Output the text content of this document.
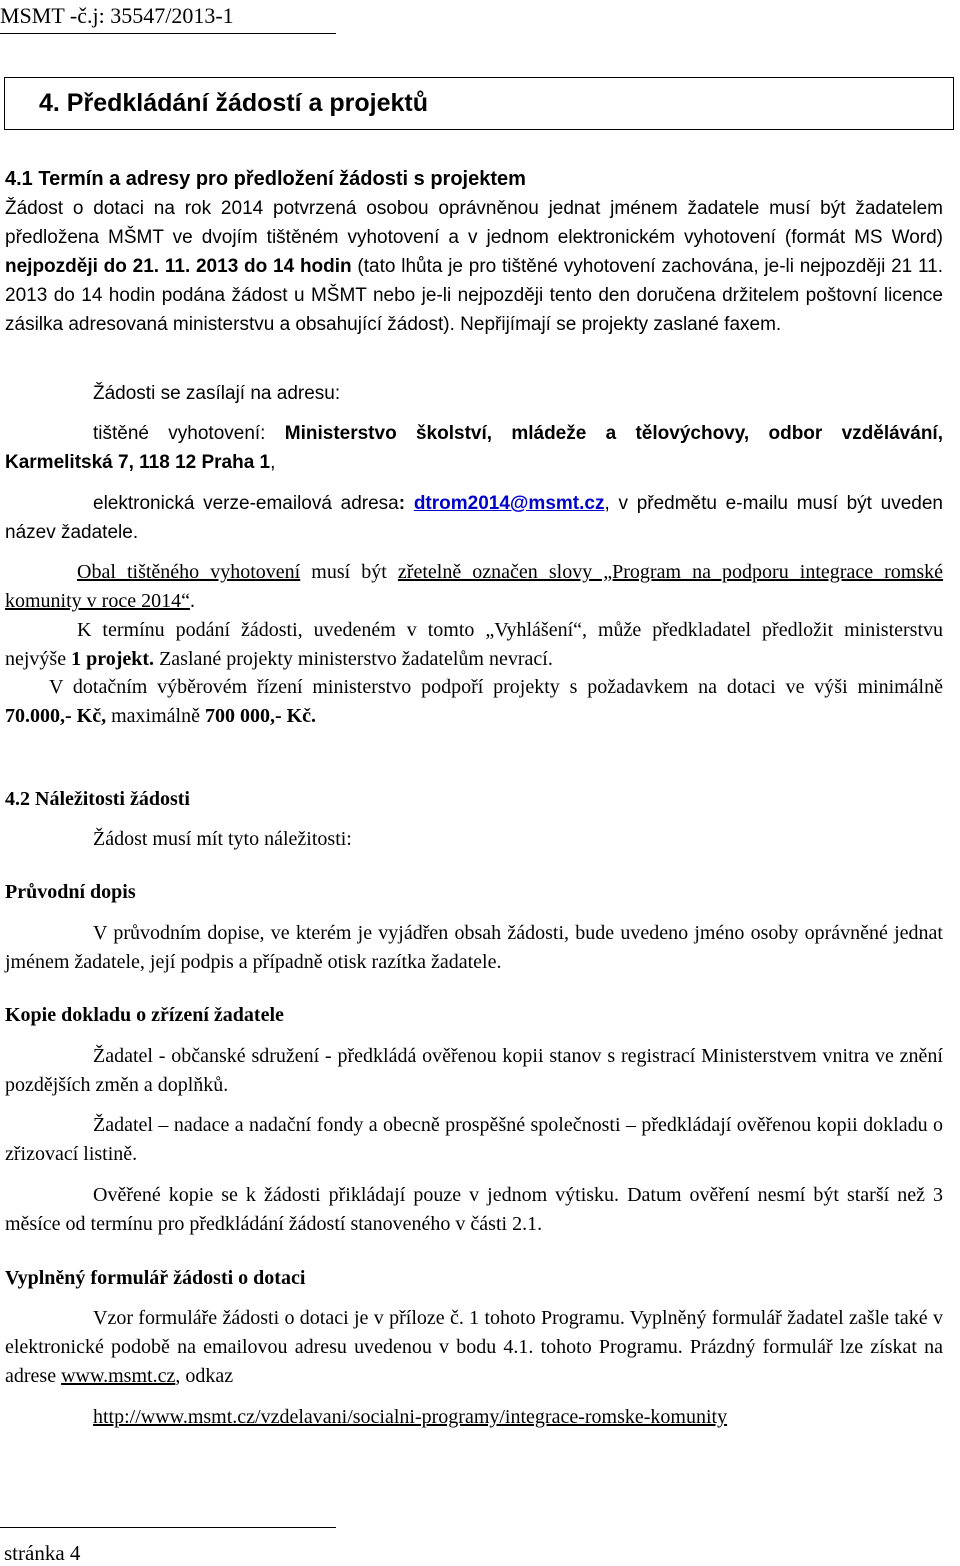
MSMT -č.j: 35547/2013-1
4. Předkládání žádostí a projektů
4.1 Termín a adresy pro předložení žádosti s projektem
Žádost o dotaci na rok 2014 potvrzená osobou oprávněnou jednat jménem žadatele musí být žadatelem předložena MŠMT ve dvojím tištěném vyhotovení a v jednom elektronickém vyhotovení (formát MS Word) nejpozději do 21. 11. 2013 do 14 hodin (tato lhůta je pro tištěné vyhotovení zachována, je-li nejpozději 21 11. 2013 do 14 hodin podána žádost u MŠMT nebo je-li nejpozději tento den doručena držitelem poštovní licence zásilka adresovaná ministerstvu a obsahující žádost). Nepřijímají se projekty zaslané faxem.
Žádosti se zasílají na adresu:
tištěné vyhotovení: Ministerstvo školství, mládeže a tělovýchovy, odbor vzdělávání, Karmelitská 7, 118 12 Praha 1,
elektronická verze-emailová adresa: dtrom2014@msmt.cz, v předmětu e-mailu musí být uveden název žadatele.
Obal tištěného vyhotovení musí být zřetelně označen slovy „Program na podporu integrace romské komunity v roce 2014“.
K termínu podání žádosti, uvedeném v tomto „Vyhlášení“, může předkladatel předložit ministerstvu nejvýše 1 projekt. Zaslané projekty ministerstvo žadatelům nevrací.
V dotačním výběrovém řízení ministerstvo podpoří projekty s požadavkem na dotaci ve výši minimálně 70.000,- Kč, maximálně 700 000,- Kč.
4.2 Náležitosti žádosti
Žádost musí mít tyto náležitosti:
Průvodní dopis
V průvodním dopise, ve kterém je vyjádřen obsah žádosti, bude uvedeno jméno osoby oprávněné jednat jménem žadatele, její podpis a případně otisk razítka žadatele.
Kopie dokladu o zřízení žadatele
Žadatel - občanské sdružení - předkládá ověřenou kopii stanov s registrací Ministerstvem vnitra ve znění pozdějších změn a doplňků.
Žadatel – nadace a nadační fondy a obecně prospěšné společnosti – předkládají ověřenou kopii dokladu o zřizovací listině.
Ověřené kopie se k žádosti přikládají pouze v jednom výtisku. Datum ověření nesmí být starší než 3 měsíce od termínu pro předkládání žádostí stanoveného v části 2.1.
Vyplněný formulář žádosti o dotaci
Vzor formuláře žádosti o dotaci je v příloze č. 1 tohoto Programu. Vyplněný formulář žadatel zašle také v elektronické podobě na emailovou adresu uvedenou v bodu 4.1. tohoto Programu. Prázdný formulář lze získat na adrese www.msmt.cz, odkaz
http://www.msmt.cz/vzdelavani/socialni-programy/integrace-romske-komunity
stránka 4
